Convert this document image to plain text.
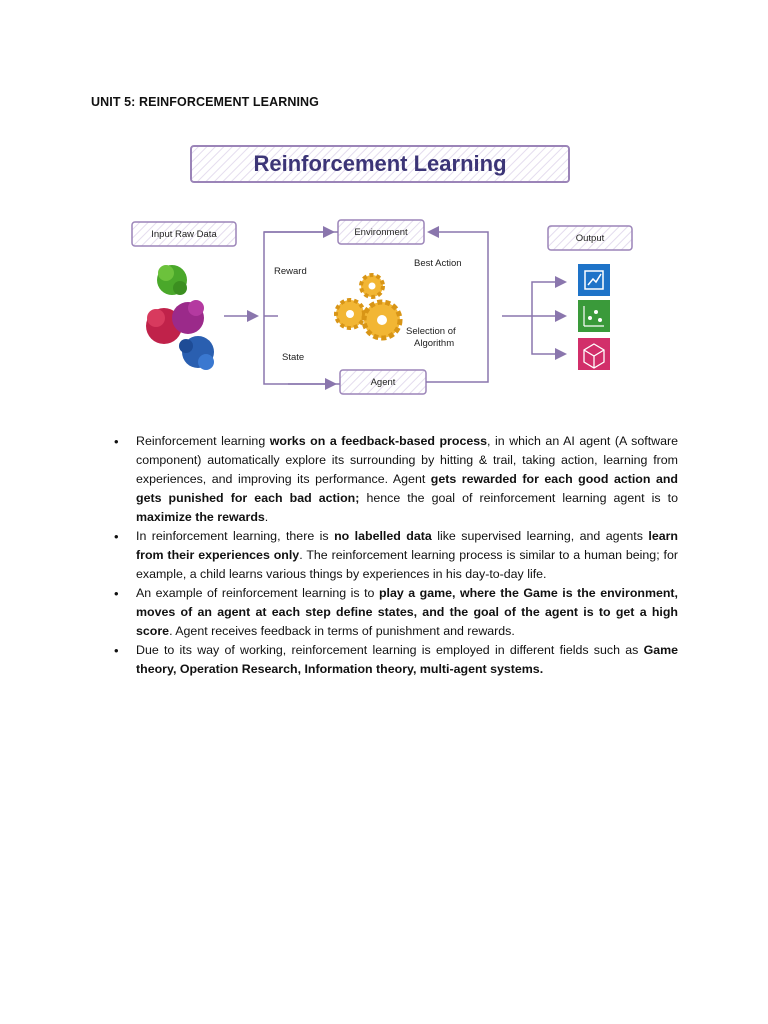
UNIT 5: REINFORCEMENT LEARNING
Reinforcement Learning
Input Raw Data	Environment
Agent
Output
Reward
State
Best Action
Selection of
Algorithm
• Reinforcement learning works on a feedback-based process, in which an AI agent (A software component) automatically explore its surrounding by hitting & trail, taking action, learning from experiences, and improving its performance. Agent gets rewarded for each good action and gets punished for each bad action; hence the goal of reinforcement learning agent is to maximize the rewards.
• In reinforcement learning, there is no labelled data like supervised learning, and agents learn from their experiences only. The reinforcement learning process is similar to a human being; for example, a child learns various things by experiences in his day-to-day life.
• An example of reinforcement learning is to play a game, where the Game is the environment, moves of an agent at each step define states, and the goal of the agent is to get a high score. Agent receives feedback in terms of punishment and rewards.
• Due to its way of working, reinforcement learning is employed in different fields such as Game theory, Operation Research, Information theory, multi-agent systems.
